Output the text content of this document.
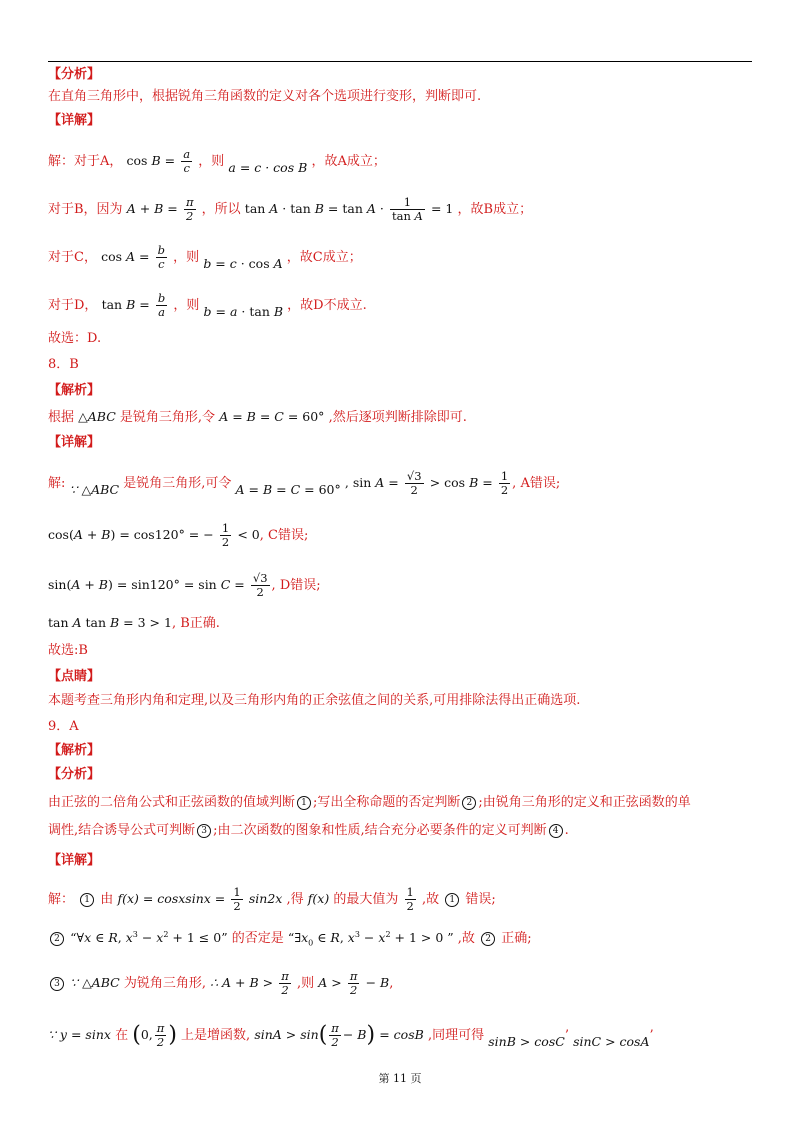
【分析】
在直角三角形中，根据锐角三角函数的定义对各个选项进行变形，判断即可.
【详解】
解：对于A， $\cos B = \frac{a}{c}$ ，则 a = c · cos B ，故A成立；
对于B，因为 $A + B = \frac{\pi}{2}$ ，所以 $\tan A \cdot \tan B = \tan A \cdot \frac{1}{\text{tan A}} = 1$ ，故B成立；
对于C， $\cos A = \frac{b}{c}$ ，则 b = c · cos A ，故C成立；
对于D， $\tan B = \frac{b}{a}$ ，则 b = a · tan B ，故D不成立.
故选：D.
8．B
【解析】
根据 △ABC 是锐角三角形,令 A = B = C = 60° ,然后逐项判断排除即可.
【详解】
解: ∵ △ABC 是锐角三角形,可令 A = B = C = 60° , $\sin A = \frac{√3}{2} > \cos B = \frac{1}{2}$ , A错误;
cos(A + B) = cos120° = − $\frac{1}{2} < 0$, C错误;
$\sin(A + B) = \sin 120^\circ = \sin C = \frac{√3}{2}$ , D错误;
tan A tan B = 3 > 1, B正确.
故选:B
【点睛】
本题考查三角形内角和定理,以及三角形内角的正余弦值之间的关系,可用排除法得出正确选项.
9．A
【解析】
【分析】
由正弦的二倍角公式和正弦函数的值域判断 1 ;写出全称命题的否定判断 2 ;由锐角三角形的定义和正弦函数的单
调性,结合诱导公式可判断 3 ;由二次函数的图象和性质,结合充分必要条件的定义可判断 4 .
【详解】
解： 1 由 f(x) = cosxsinx = $\frac{1}{2} \sin 2x$ ,得 f(x) 的最大值为 $\frac{1}{2}$ ,故 1 错误;
2 “∀x ∈ R, $x^3 - x^2 + 1 \le 0$” 的否定是 “$\exists x_0$ ∈ R, $x^3 - x^2 + 1 > 0$ ” ,故 2 正确;
3 ∵ △ABC 为锐角三角形, ∴ $A + B > \frac{\pi}{2}$ ,则 $A > \frac{\pi}{2} - B$,
∵ y = sinx 在 (0, $\frac{\pi}{2}$ ) 上是增函数, $\sin A > \sin( \frac{\pi}{2} - B) = \cos B$ ,同理可得 sinB > cosC’ sinC > cosA’
第 11 页
